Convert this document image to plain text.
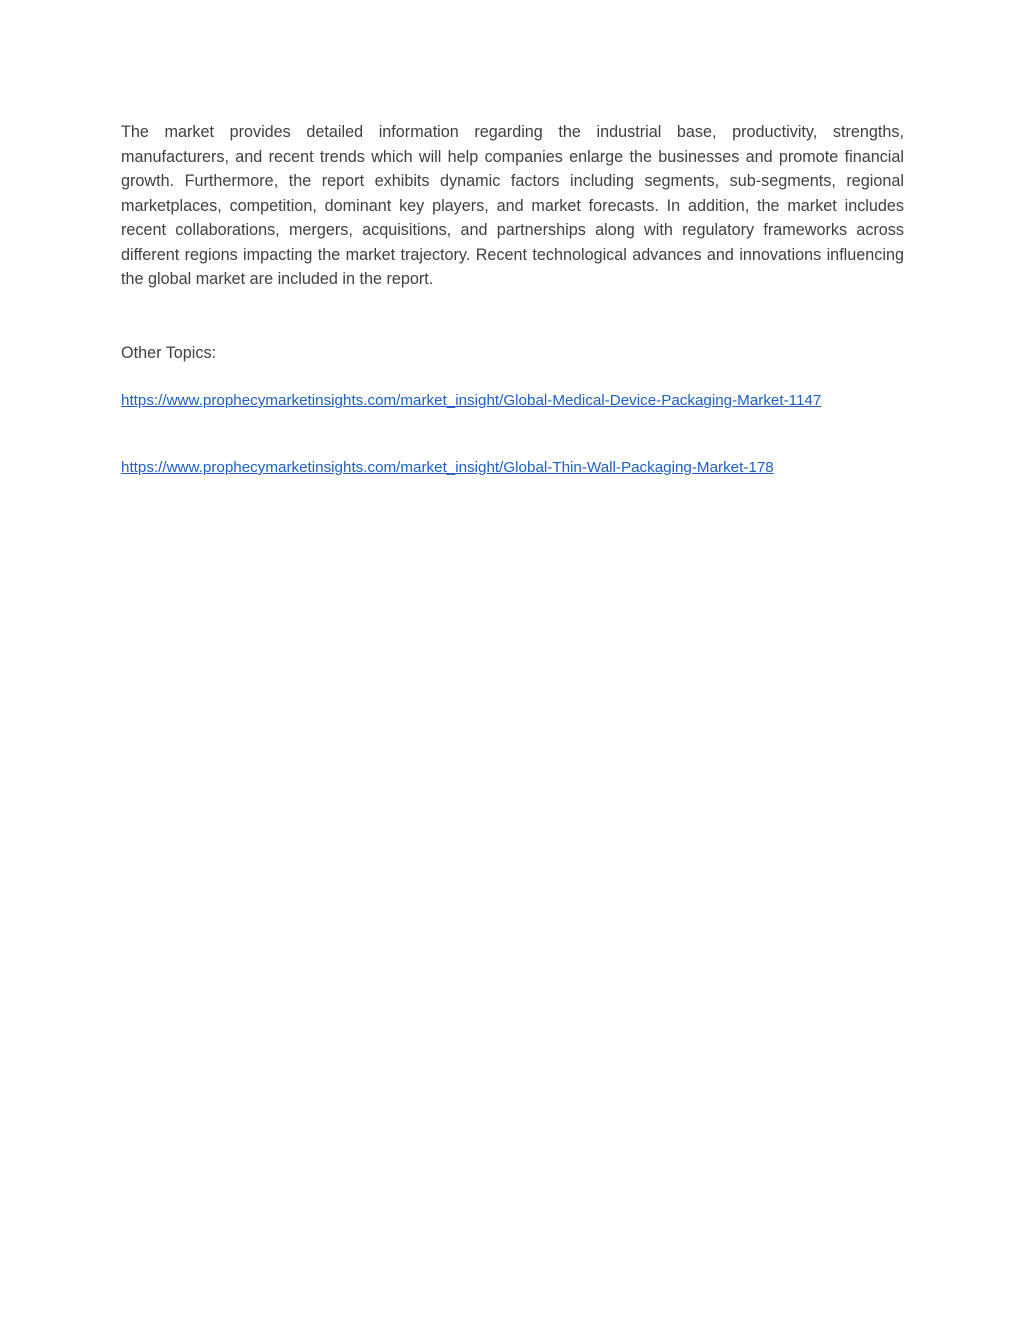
The market provides detailed information regarding the industrial base, productivity, strengths, manufacturers, and recent trends which will help companies enlarge the businesses and promote financial growth. Furthermore, the report exhibits dynamic factors including segments, sub-segments, regional marketplaces, competition, dominant key players, and market forecasts. In addition, the market includes recent collaborations, mergers, acquisitions, and partnerships along with regulatory frameworks across different regions impacting the market trajectory. Recent technological advances and innovations influencing the global market are included in the report.

Other Topics:

https://www.prophecymarketinsights.com/market_insight/Global-Medical-Device-Packaging-Market-1147
https://www.prophecymarketinsights.com/market_insight/Global-Thin-Wall-Packaging-Market-178
